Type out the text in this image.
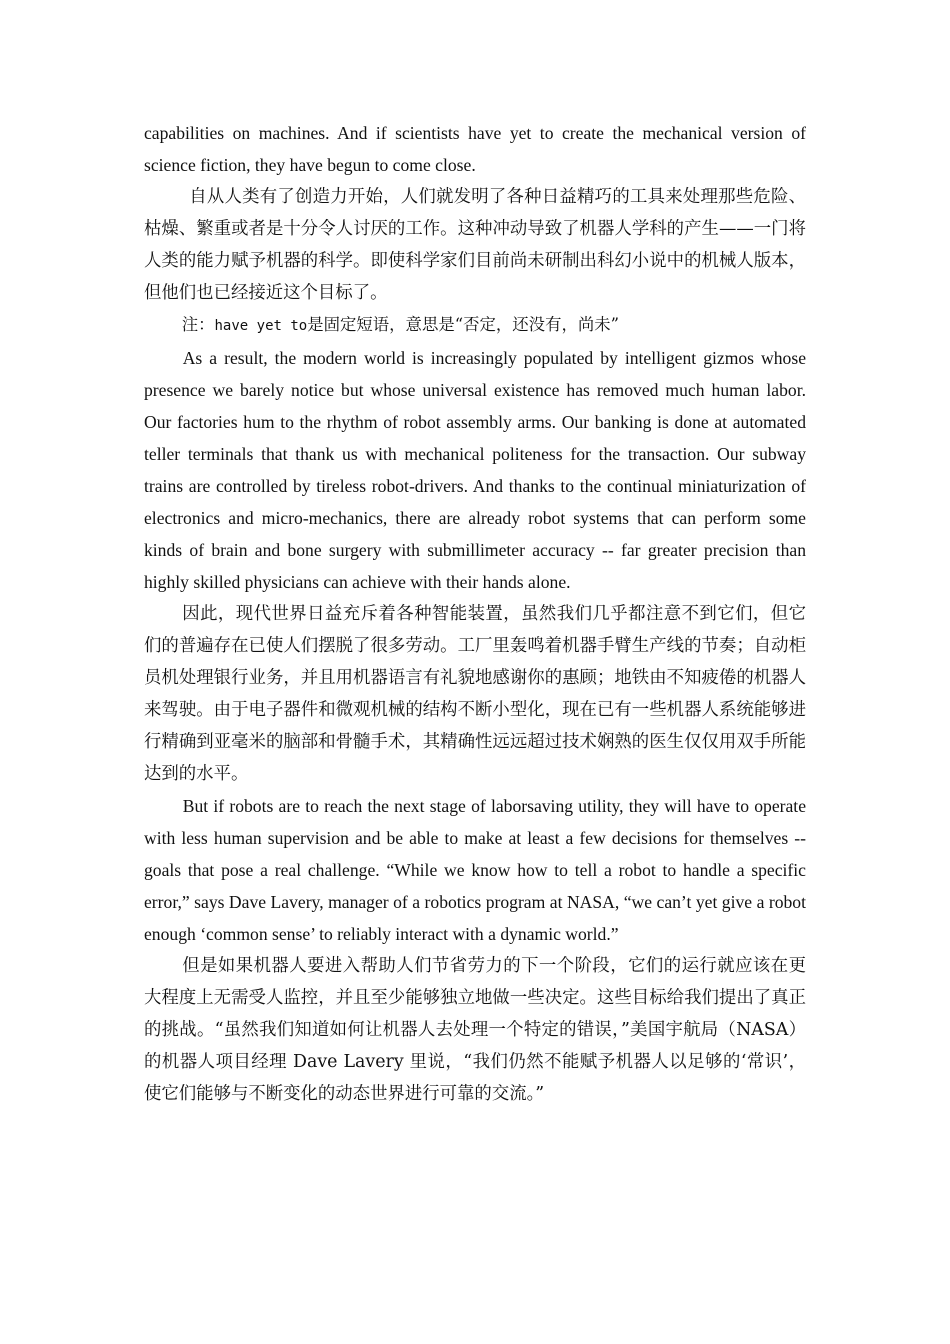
capabilities on machines. And if scientists have yet to create the mechanical version of science fiction, they have begun to come close.

自从人类有了创造力开始，人们就发明了各种日益精巧的工具来处理那些危险、枯燥、繁重或者是十分令人讨厌的工作。这种冲动导致了机器人学科的产生——一门将人类的能力赋予机器的科学。即使科学家们目前尚未研制出科幻小说中的机械人版本，但他们也已经接近这个目标了。

注：have yet to是固定短语，意思是“否定，还没有，尚未”

As a result, the modern world is increasingly populated by intelligent gizmos whose presence we barely notice but whose universal existence has removed much human labor. Our factories hum to the rhythm of robot assembly arms. Our banking is done at automated teller terminals that thank us with mechanical politeness for the transaction. Our subway trains are controlled by tireless robot-drivers. And thanks to the continual miniaturization of electronics and micro-mechanics, there are already robot systems that can perform some kinds of brain and bone surgery with submillimeter accuracy -- far greater precision than highly skilled physicians can achieve with their hands alone.

因此，现代世界日益充斥着各种智能装置，虽然我们几乎都注意不到它们，但它们的普遍存在已使人们摆脱了很多劳动。工厂里轰鸣着机器手臂生产线的节奏；自动柜员机处理银行业务，并且用机器语言有礼貌地感谢你的惠顾；地铁由不知疲倦的机器人来驾驶。由于电子器件和微观机械的结构不断小型化，现在已有一些机器人系统能够进行精确到亚毫米的脑部和骨髓手术，其精确性远远超过技术娴熟的医生仅仅用双手所能达到的水平。

But if robots are to reach the next stage of laborsaving utility, they will have to operate with less human supervision and be able to make at least a few decisions for themselves -- goals that pose a real challenge. “While we know how to tell a robot to handle a specific error,” says Dave Lavery, manager of a robotics program at NASA, “we can’t yet give a robot enough ‘common sense’ to reliably interact with a dynamic world.”

但是如果机器人要进入帮助人们节省劳力的下一个阶段，它们的运行就应该在更大程度上无需受人监控，并且至少能够独立地做一些决定。这些目标给我们提出了真正的挑战。“虽然我们知道如何让机器人去处理一个特定的错误，”美国宇航局（NASA）的机器人项目经理 Dave Lavery 里说，“我们仍然不能赋予机器人以足够的‘常识’，使它们能够与不断变化的动态世界进行可靠的交流。”
